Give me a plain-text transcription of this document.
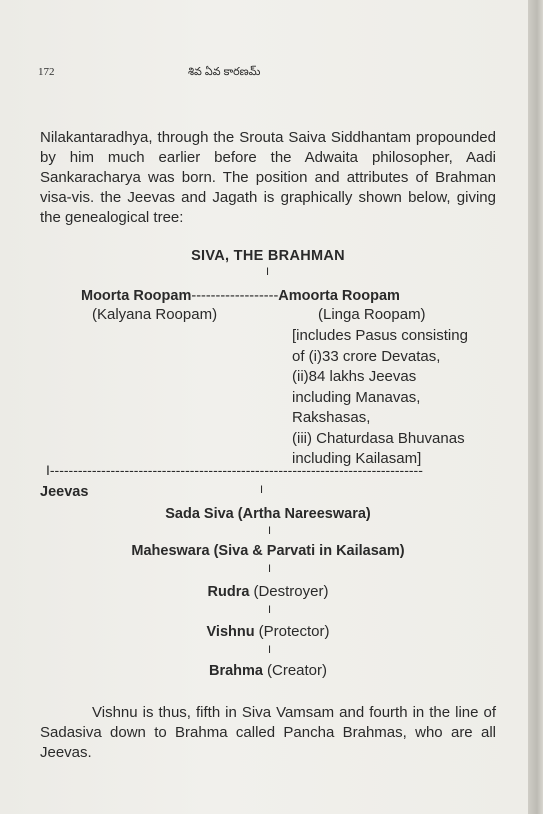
172	శివ ఏవ కారణమ్
Nilakantaradhya, through the Srouta Saiva Siddhantam propounded by him much earlier before the Adwaita philosopher, Aadi Sankaracharya was born. The position and attributes of Brahman visa-vis. the Jeevas and Jagath is graphically shown below, giving the genealogical tree:
SIVA, THE BRAHMAN
I
Moorta Roopam------------------Amoorta Roopam
(Kalyana Roopam)	(Linga Roopam)
[includes Pasus consisting
of (i)33 crore Devatas,
(ii)84 lakhs Jeevas
including Manavas,
Rakshasas,
(iii) Chaturdasa Bhuvanas
including Kailasam]
I--------------------------------------------------------------------------------
Jeevas	I
Sada Siva (Artha Nareeswara)
I
Maheswara (Siva & Parvati in Kailasam)
I
Rudra (Destroyer)
I
Vishnu (Protector)
I
Brahma (Creator)
Vishnu is thus, fifth in Siva Vamsam and fourth in the line of Sadasiva down to Brahma called Pancha Brahmas, who are all Jeevas.
